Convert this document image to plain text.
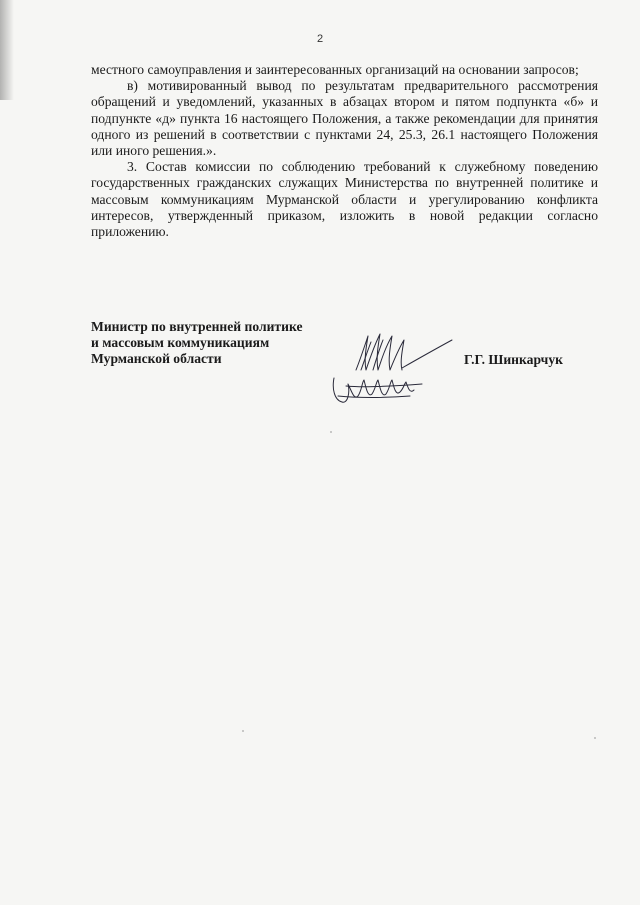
2

местного самоуправления и заинтересованных организаций на основании запросов;

в) мотивированный вывод по результатам предварительного рассмотрения обращений и уведомлений, указанных в абзацах втором и пятом подпункта «б» и подпункте «д» пункта 16 настоящего Положения, а также рекомендации для принятия одного из решений в соответствии с пунктами 24, 25.3, 26.1 настоящего Положения или иного решения.».

3. Состав комиссии по соблюдению требований к служебному поведению государственных гражданских служащих Министерства по внутренней политике и массовым коммуникациям Мурманской области и урегулированию конфликта интересов, утвержденный приказом, изложить в новой редакции согласно приложению.

Министр по внутренней политике
и массовым коммуникациям
Мурманской области	Г.Г. Шинкарчук
